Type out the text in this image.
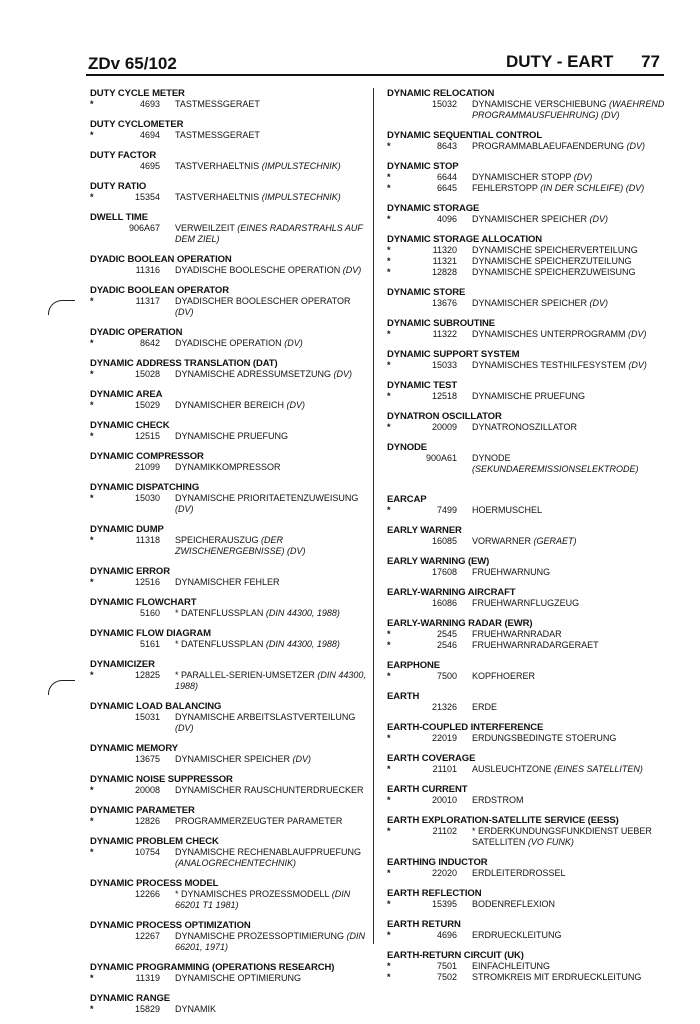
ZDv 65/102	DUTY - EART 77
DUTY CYCLE METER
*	4693	TASTMESSGERAET
DUTY CYCLOMETER
*	4694	TASTMESSGERAET
DUTY FACTOR
4695	TASTVERHAELTNIS (IMPULSTECHNIK)
DUTY RATIO
*	15354	TASTVERHAELTNIS (IMPULSTECHNIK)
DWELL TIME
906A67	VERWEILZEIT (EINES RADARSTRAHLS AUF DEM ZIEL)
DYADIC BOOLEAN OPERATION
11316	DYADISCHE BOOLESCHE OPERATION (DV)
DYADIC BOOLEAN OPERATOR
*	11317	DYADISCHER BOOLESCHER OPERATOR (DV)
DYADIC OPERATION
*	8642	DYADISCHE OPERATION (DV)
DYNAMIC ADDRESS TRANSLATION (DAT)
*	15028	DYNAMISCHE ADRESSUMSETZUNG (DV)
DYNAMIC AREA
*	15029	DYNAMISCHER BEREICH (DV)
DYNAMIC CHECK
*	12515	DYNAMISCHE PRUEFUNG
DYNAMIC COMPRESSOR
21099	DYNAMIKKOMPRESSOR
DYNAMIC DISPATCHING
*	15030	DYNAMISCHE PRIORITAETENZUWEISUNG (DV)
DYNAMIC DUMP
*	11318	SPEICHERAUSZUG (DER ZWISCHENERGEBNISSE) (DV)
DYNAMIC ERROR
*	12516	DYNAMISCHER FEHLER
DYNAMIC FLOWCHART
5160	* DATENFLUSSPLAN (DIN 44300, 1988)
DYNAMIC FLOW DIAGRAM
5161	* DATENFLUSSPLAN (DIN 44300, 1988)
DYNAMICIZER
*	12825	* PARALLEL-SERIEN-UMSETZER (DIN 44300, 1988)
DYNAMIC LOAD BALANCING
15031	DYNAMISCHE ARBEITSLASTVERTEILUNG (DV)
DYNAMIC MEMORY
13675	DYNAMISCHER SPEICHER (DV)
DYNAMIC NOISE SUPPRESSOR
*	20008	DYNAMISCHER RAUSCHUNTERDRUECKER
DYNAMIC PARAMETER
*	12826	PROGRAMMERZEUGTER PARAMETER
DYNAMIC PROBLEM CHECK
*	10754	DYNAMISCHE RECHENABLAUFPRUEFUNG (ANALOGRECHENTECHNIK)
DYNAMIC PROCESS MODEL
12266	* DYNAMISCHES PROZESSMODELL (DIN 66201 T1 1981)
DYNAMIC PROCESS OPTIMIZATION
12267	DYNAMISCHE PROZESSOPTIMIERUNG (DIN 66201, 1971)
DYNAMIC PROGRAMMING (OPERATIONS RESEARCH)
*	11319	DYNAMISCHE OPTIMIERUNG
DYNAMIC RANGE
*	15829	DYNAMIK
DYNAMIC RELOCATION
15032	DYNAMISCHE VERSCHIEBUNG (WAEHREND PROGRAMMAUSFUEHRUNG) (DV)
DYNAMIC SEQUENTIAL CONTROL
*	8643	PROGRAMMABLAEUFAENDERUNG (DV)
DYNAMIC STOP
*	6644	DYNAMISCHER STOPP (DV)
*	6645	FEHLERSTOPP (IN DER SCHLEIFE) (DV)
DYNAMIC STORAGE
*	4096	DYNAMISCHER SPEICHER (DV)
DYNAMIC STORAGE ALLOCATION
*	11320	DYNAMISCHE SPEICHERVERTEILUNG
*	11321	DYNAMISCHE SPEICHERZUTEILUNG
*	12828	DYNAMISCHE SPEICHERZUWEISUNG
DYNAMIC STORE
13676	DYNAMISCHER SPEICHER (DV)
DYNAMIC SUBROUTINE
*	11322	DYNAMISCHES UNTERPROGRAMM (DV)
DYNAMIC SUPPORT SYSTEM
*	15033	DYNAMISCHES TESTHILFESYSTEM (DV)
DYNAMIC TEST
*	12518	DYNAMISCHE PRUEFUNG
DYNATRON OSCILLATOR
*	20009	DYNATRONOSZILLATOR
DYNODE
900A61	DYNODE (SEKUNDAEREMISSIONSELEKTRODE)
EARCAP
*	7499	HOERMUSCHEL
EARLY WARNER
16085	VORWARNER (GERAET)
EARLY WARNING (EW)
17608	FRUEHWARNUNG
EARLY-WARNING AIRCRAFT
16086	FRUEHWARNFLUGZEUG
EARLY-WARNING RADAR (EWR)
*	2545	FRUEHWARNRADAR
*	2546	FRUEHWARNRADARGERAET
EARPHONE
*	7500	KOPFHOERER
EARTH
21326	ERDE
EARTH-COUPLED INTERFERENCE
*	22019	ERDUNGSBEDINGTE STOERUNG
EARTH COVERAGE
*	21101	AUSLEUCHTZONE (EINES SATELLITEN)
EARTH CURRENT
*	20010	ERDSTROM
EARTH EXPLORATION-SATELLITE SERVICE (EESS)
*	21102	* ERDERKUNDUNGSFUNKDIENST UEBER SATELLITEN (VO FUNK)
EARTHING INDUCTOR
*	22020	ERDLEITERDROSSEL
EARTH REFLECTION
*	15395	BODENREFLEXION
EARTH RETURN
*	4696	ERDRUECKLEITUNG
EARTH-RETURN CIRCUIT (UK)
*	7501	EINFACHLEITUNG
*	7502	STROMKREIS MIT ERDRUECKLEITUNG
